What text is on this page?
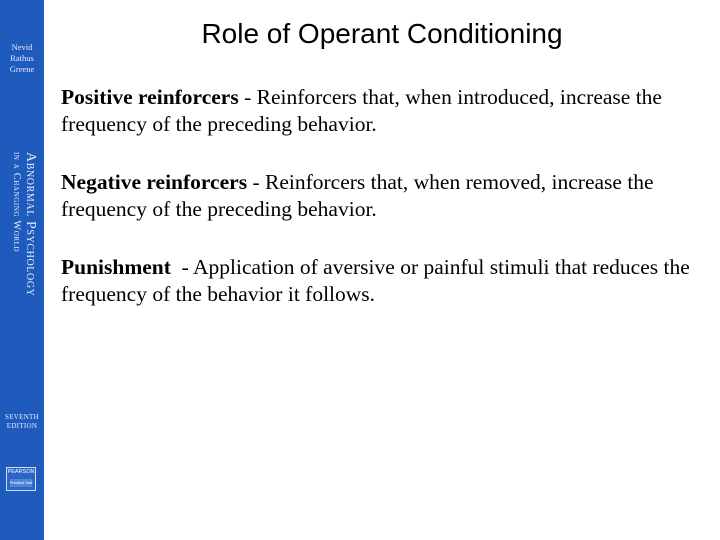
Nevid
Rathus
Greene
Abnormal Psychology
in a Changing World
SEVENTH
EDITION
PEARSON
Prentice Hall
Role of Operant Conditioning

Positive reinforcers - Reinforcers that, when introduced, increase the frequency of the preceding behavior.

Negative reinforcers - Reinforcers that, when removed, increase the frequency of the preceding behavior.

Punishment  - Application of aversive or painful stimuli that reduces the frequency of the behavior it follows.
